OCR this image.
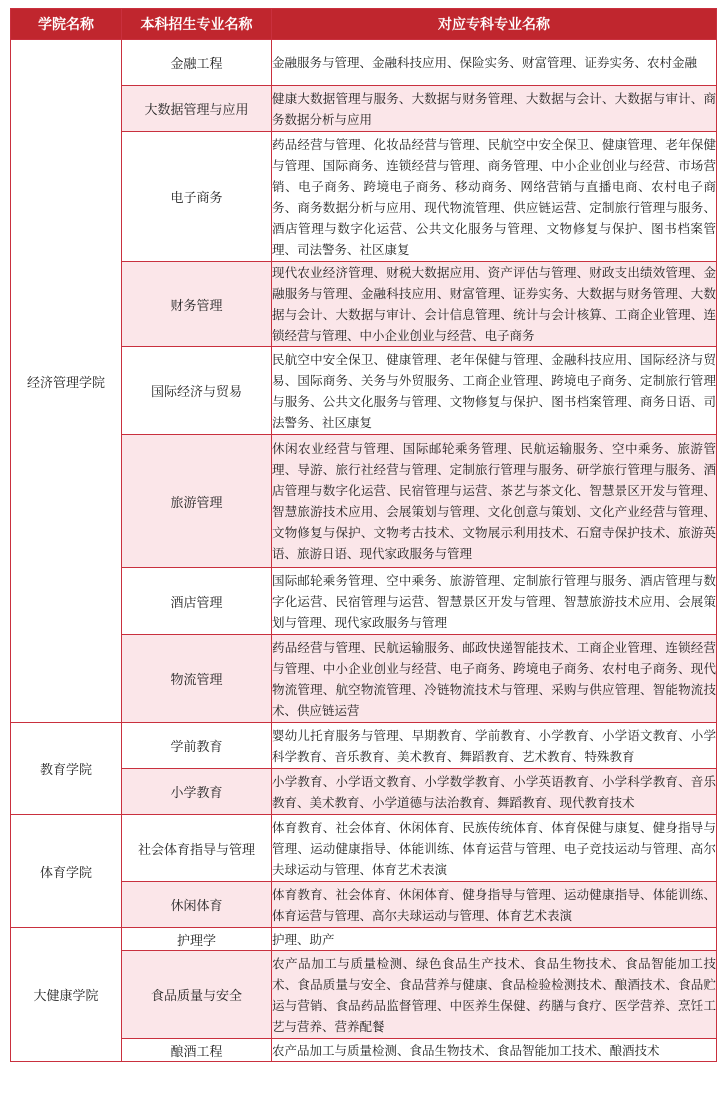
学院名称	本科招生专业名称	对应专科专业名称
经济管理学院	金融工程	金融服务与管理、金融科技应用、保险实务、财富管理、证券实务、农村金融
	大数据管理与应用	健康大数据管理与服务、大数据与财务管理、大数据与会计、大数据与审计、商务数据分析与应用
	电子商务	药品经营与管理、化妆品经营与管理、民航空中安全保卫、健康管理、老年保健与管理、国际商务、连锁经营与管理、商务管理、中小企业创业与经营、市场营销、电子商务、跨境电子商务、移动商务、网络营销与直播电商、农村电子商务、商务数据分析与应用、现代物流管理、供应链运营、定制旅行管理与服务、酒店管理与数字化运营、公共文化服务与管理、文物修复与保护、图书档案管理、司法警务、社区康复
	财务管理	现代农业经济管理、财税大数据应用、资产评估与管理、财政支出绩效管理、金融服务与管理、金融科技应用、财富管理、证券实务、大数据与财务管理、大数据与会计、大数据与审计、会计信息管理、统计与会计核算、工商企业管理、连锁经营与管理、中小企业创业与经营、电子商务
	国际经济与贸易	民航空中安全保卫、健康管理、老年保健与管理、金融科技应用、国际经济与贸易、国际商务、关务与外贸服务、工商企业管理、跨境电子商务、定制旅行管理与服务、公共文化服务与管理、文物修复与保护、图书档案管理、商务日语、司法警务、社区康复
	旅游管理	休闲农业经营与管理、国际邮轮乘务管理、民航运输服务、空中乘务、旅游管理、导游、旅行社经营与管理、定制旅行管理与服务、研学旅行管理与服务、酒店管理与数字化运营、民宿管理与运营、茶艺与茶文化、智慧景区开发与管理、智慧旅游技术应用、会展策划与管理、文化创意与策划、文化产业经营与管理、文物修复与保护、文物考古技术、文物展示利用技术、石窟寺保护技术、旅游英语、旅游日语、现代家政服务与管理
	酒店管理	国际邮轮乘务管理、空中乘务、旅游管理、定制旅行管理与服务、酒店管理与数字化运营、民宿管理与运营、智慧景区开发与管理、智慧旅游技术应用、会展策划与管理、现代家政服务与管理
	物流管理	药品经营与管理、民航运输服务、邮政快递智能技术、工商企业管理、连锁经营与管理、中小企业创业与经营、电子商务、跨境电子商务、农村电子商务、现代物流管理、航空物流管理、冷链物流技术与管理、采购与供应管理、智能物流技术、供应链运营
教育学院	学前教育	婴幼儿托育服务与管理、早期教育、学前教育、小学教育、小学语文教育、小学科学教育、音乐教育、美术教育、舞蹈教育、艺术教育、特殊教育
	小学教育	小学教育、小学语文教育、小学数学教育、小学英语教育、小学科学教育、音乐教育、美术教育、小学道德与法治教育、舞蹈教育、现代教育技术
体育学院	社会体育指导与管理	体育教育、社会体育、休闲体育、民族传统体育、体育保健与康复、健身指导与管理、运动健康指导、体能训练、体育运营与管理、电子竞技运动与管理、高尔夫球运动与管理、体育艺术表演
	休闲体育	体育教育、社会体育、休闲体育、健身指导与管理、运动健康指导、体能训练、体育运营与管理、高尔夫球运动与管理、体育艺术表演
大健康学院	护理学	护理、助产
	食品质量与安全	农产品加工与质量检测、绿色食品生产技术、食品生物技术、食品智能加工技术、食品质量与安全、食品营养与健康、食品检验检测技术、酿酒技术、食品贮运与营销、食品药品监督管理、中医养生保健、药膳与食疗、医学营养、烹饪工艺与营养、营养配餐
	酿酒工程	农产品加工与质量检测、食品生物技术、食品智能加工技术、酿酒技术
